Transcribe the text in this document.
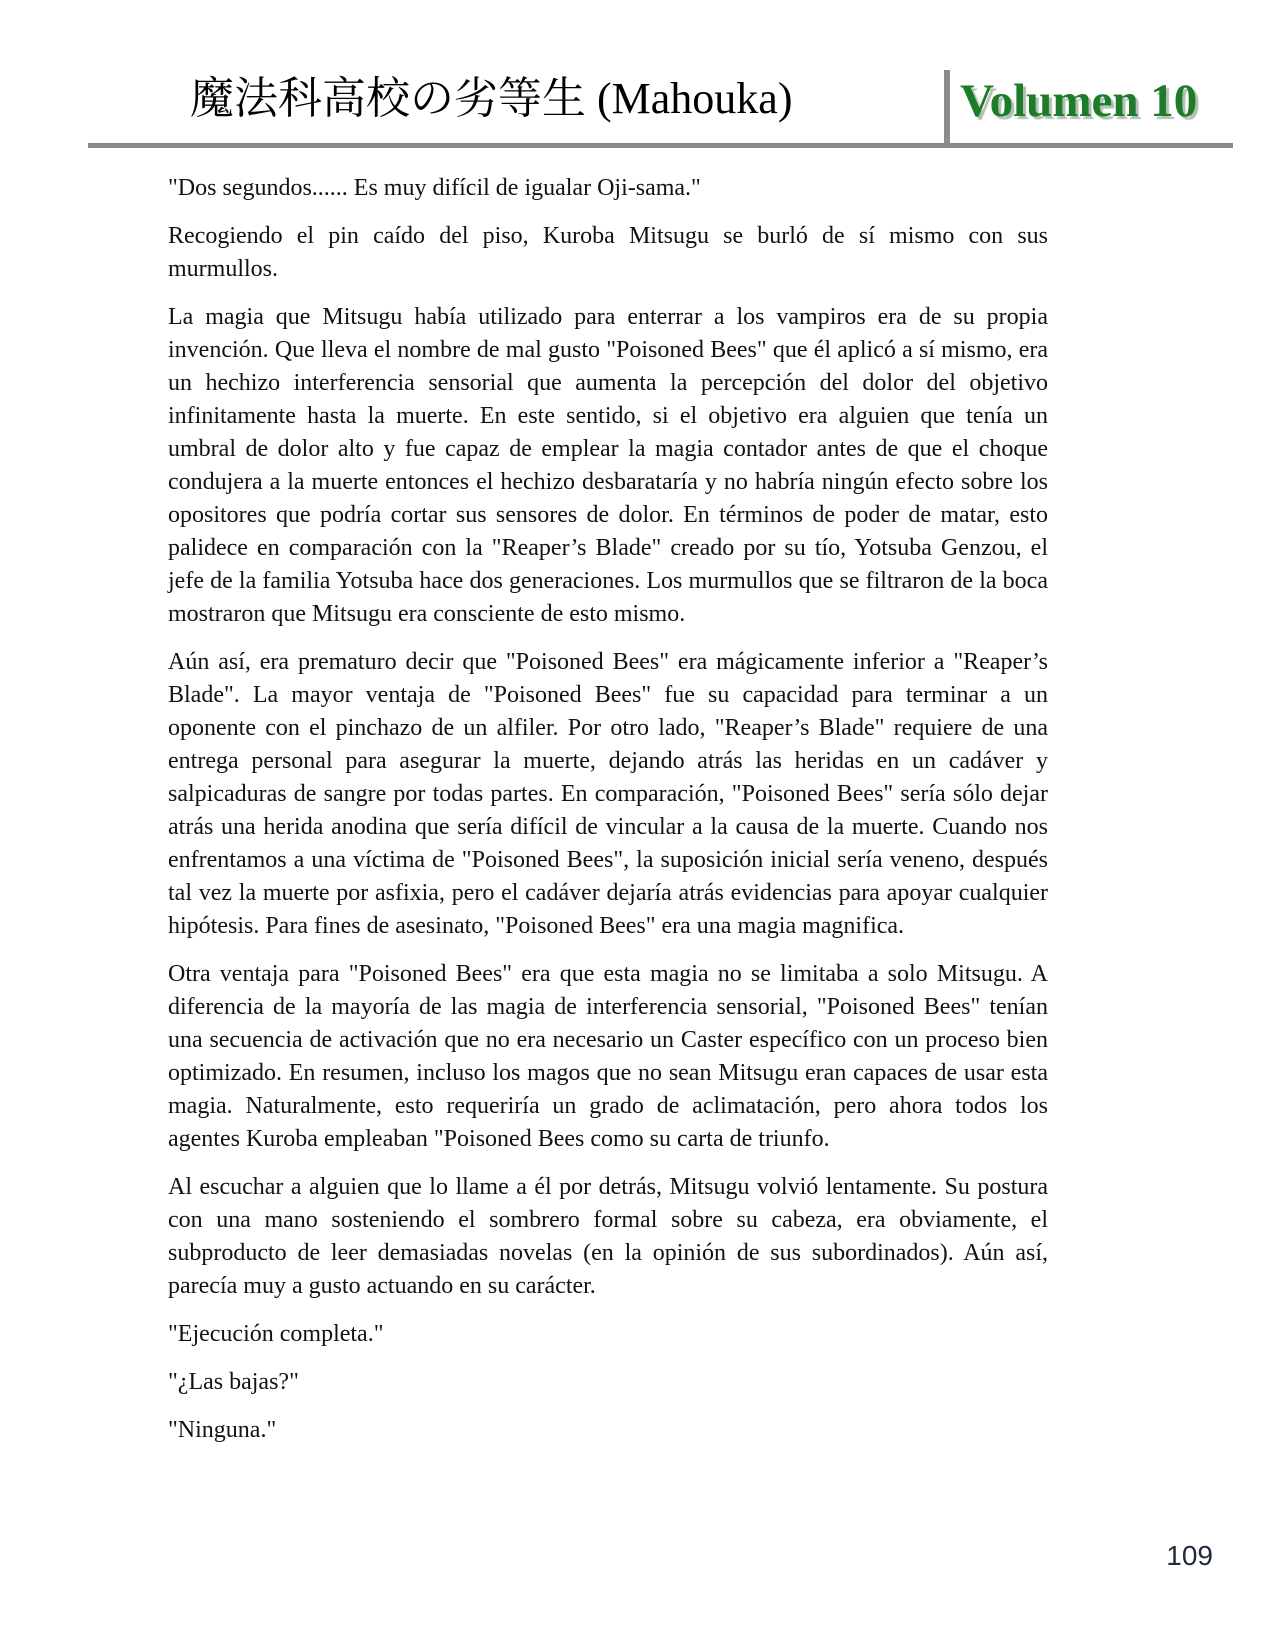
魔法科高校の劣等生 (Mahouka)	Volumen 10

"Dos segundos...... Es muy difícil de igualar Oji-sama."

Recogiendo el pin caído del piso, Kuroba Mitsugu se burló de sí mismo con sus murmullos.

La magia que Mitsugu había utilizado para enterrar a los vampiros era de su propia invención. Que lleva el nombre de mal gusto "Poisoned Bees" que él aplicó a sí mismo, era un hechizo interferencia sensorial que aumenta la percepción del dolor del objetivo infinitamente hasta la muerte. En este sentido, si el objetivo era alguien que tenía un umbral de dolor alto y fue capaz de emplear la magia contador antes de que el choque condujera a la muerte entonces el hechizo desbarataría y no habría ningún efecto sobre los opositores que podría cortar sus sensores de dolor. En términos de poder de matar, esto palidece en comparación con la "Reaper’s Blade" creado por su tío, Yotsuba Genzou, el jefe de la familia Yotsuba hace dos generaciones. Los murmullos que se filtraron de la boca mostraron que Mitsugu era consciente de esto mismo.

Aún así, era prematuro decir que "Poisoned Bees" era mágicamente inferior a "Reaper’s Blade". La mayor ventaja de "Poisoned Bees" fue su capacidad para terminar a un oponente con el pinchazo de un alfiler. Por otro lado, "Reaper’s Blade" requiere de una entrega personal para asegurar la muerte, dejando atrás las heridas en un cadáver y salpicaduras de sangre por todas partes. En comparación, "Poisoned Bees" sería sólo dejar atrás una herida anodina que sería difícil de vincular a la causa de la muerte. Cuando nos enfrentamos a una víctima de "Poisoned Bees", la suposición inicial sería veneno, después tal vez la muerte por asfixia, pero el cadáver dejaría atrás evidencias para apoyar cualquier hipótesis. Para fines de asesinato, "Poisoned Bees" era una magia magnifica.

Otra ventaja para "Poisoned Bees" era que esta magia no se limitaba a solo Mitsugu. A diferencia de la mayoría de las magia de interferencia sensorial, "Poisoned Bees" tenían una secuencia de activación que no era necesario un Caster específico con un proceso bien optimizado. En resumen, incluso los magos que no sean Mitsugu eran capaces de usar esta magia. Naturalmente, esto requeriría un grado de aclimatación, pero ahora todos los agentes Kuroba empleaban "Poisoned Bees como su carta de triunfo.

Al escuchar a alguien que lo llame a él por detrás, Mitsugu volvió lentamente. Su postura con una mano sosteniendo el sombrero formal sobre su cabeza, era obviamente, el subproducto de leer demasiadas novelas (en la opinión de sus subordinados). Aún así, parecía muy a gusto actuando en su carácter.

"Ejecución completa."

"¿Las bajas?"

"Ninguna."

109
